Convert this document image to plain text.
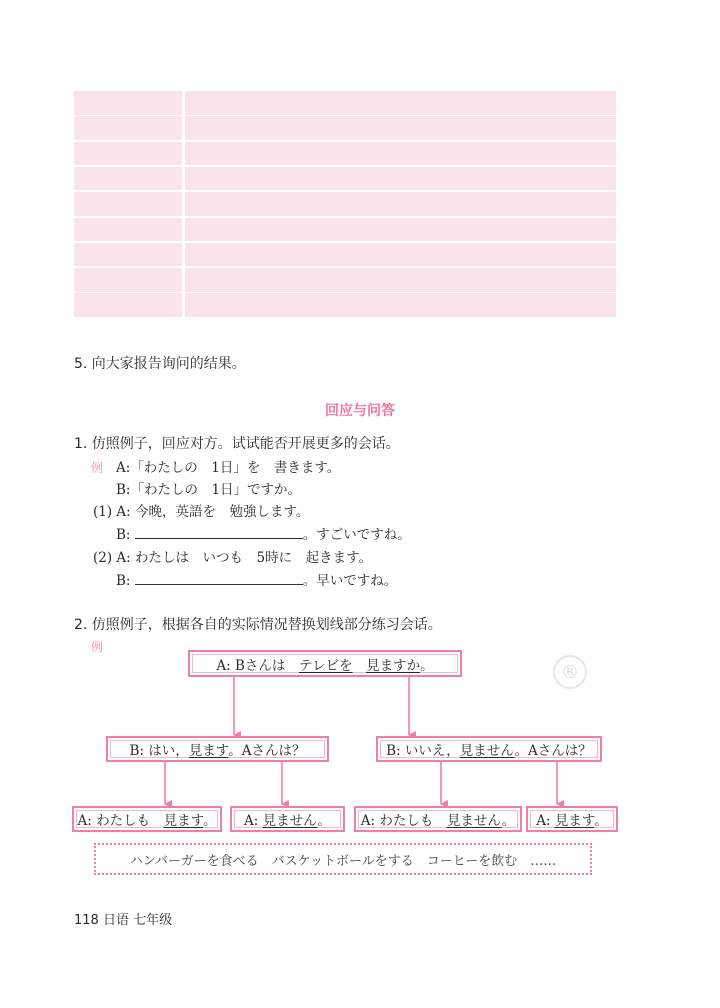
5. 向大家报告询问的结果。
回应与问答
1. 仿照例子，回应对方。试试能否开展更多的会话。
例 A:「わたしの　1日」を　書きます。
B:「わたしの　1日」ですか。
(1) A: 今晚，英語を　勉強します。
B:	。すごいですね。
(2) A: わたしは　いつも　5時に　起きます。
B:	。早いですね。
2. 仿照例子，根据各自的实际情况替换划线部分练习会话。
例
®
A: Bさんは　テレビを　 見ますか。
B: はい，見ます。Aさんは？	B: いいえ，見ません。Aさんは？
A: わたしも　見ます。 A: 見ません。 A: わたしも　見ません。 A: 見ます。
ハンバーガーを食べる　バスケットボールをする　コーヒーを飲む　……
118 日语 七年级
